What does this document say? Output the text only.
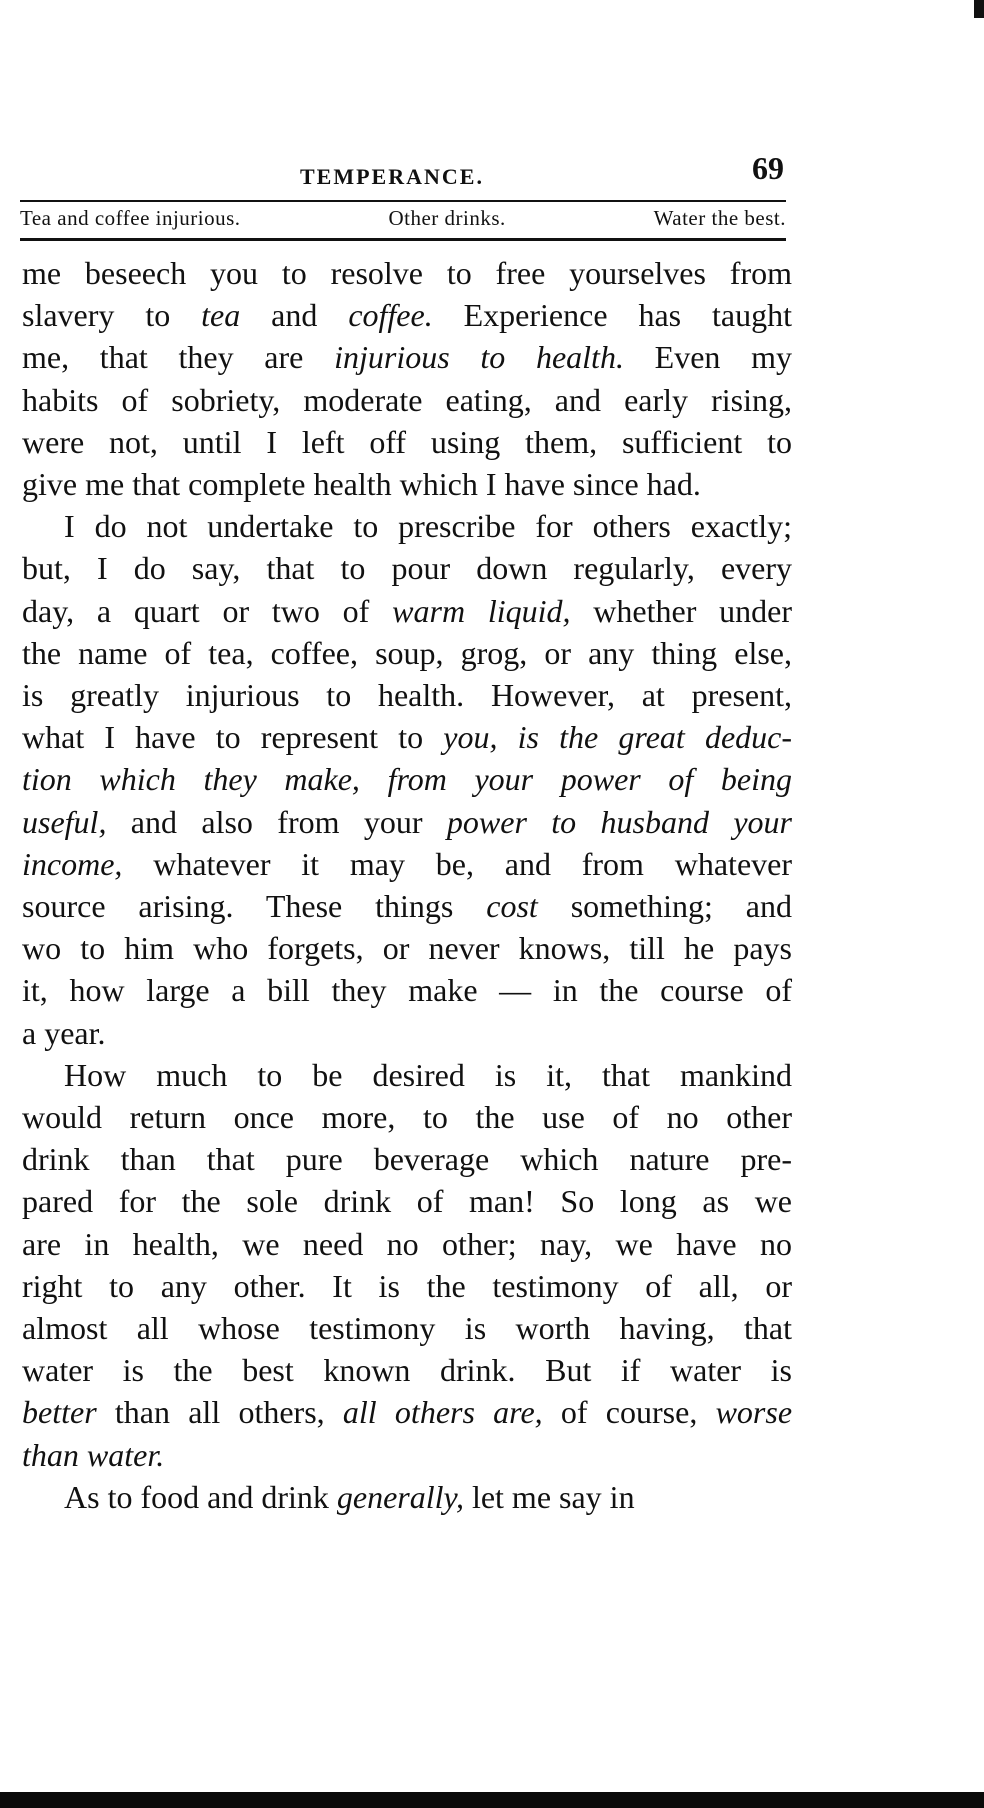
TEMPERANCE.	69
Tea and coffee injurious.	Other drinks.	Water the best.
me beseech you to resolve to free yourselves from
slavery to tea and coffee. Experience has taught
me, that they are injurious to health. Even my
habits of sobriety, moderate eating, and early rising,
were not, until I left off using them, sufficient to
give me that complete health which I have since had.
I do not undertake to prescribe for others exactly;
but, I do say, that to pour down regularly, every
day, a quart or two of warm liquid, whether under
the name of tea, coffee, soup, grog, or any thing else,
is greatly injurious to health. However, at present,
what I have to represent to you, is the great deduc-
tion which they make, from your power of being
useful, and also from your power to husband your
income, whatever it may be, and from whatever
source arising. These things cost something; and
wo to him who forgets, or never knows, till he pays
it, how large a bill they make — in the course of
a year.
How much to be desired is it, that mankind
would return once more, to the use of no other
drink than that pure beverage which nature pre-
pared for the sole drink of man! So long as we
are in health, we need no other; nay, we have no
right to any other. It is the testimony of all, or
almost all whose testimony is worth having, that
water is the best known drink. But if water is
better than all others, all others are, of course, worse
than water.
As to food and drink generally, let me say in
